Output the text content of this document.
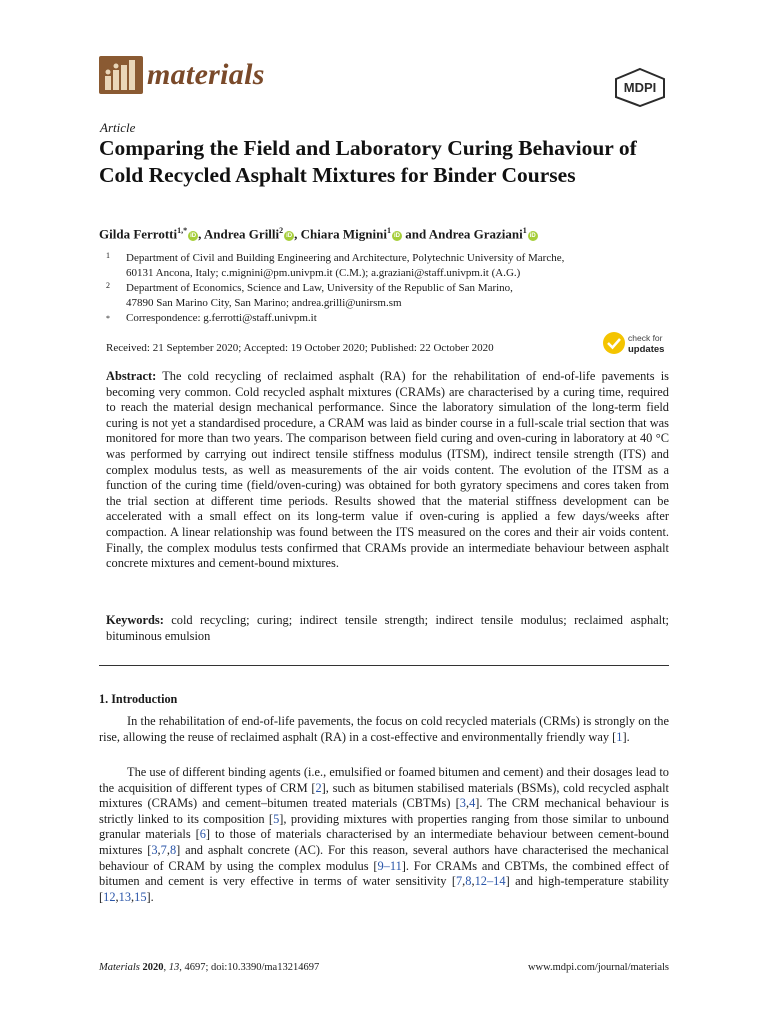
materials	MDPI
Article
Comparing the Field and Laboratory Curing Behaviour of Cold Recycled Asphalt Mixtures for Binder Courses
Gilda Ferrotti$^{1,*}$iD , Andrea Grilli$^2$iD , Chiara Mignini$^1$iD and Andrea Graziani$^1$iD
1 Department of Civil and Building Engineering and Architecture, Polytechnic University of Marche,
60131 Ancona, Italy; c.mignini@pm.univpm.it (C.M.); a.graziani@staff.univpm.it (A.G.)
2 Department of Economics, Science and Law, University of the Republic of San Marino,
47890 San Marino City, San Marino; andrea.grilli@unirsm.sm
* Correspondence: g.ferrotti@staff.univpm.it
Received: 21 September 2020; Accepted: 19 October 2020; Published: 22 October 2020
check for
updates
Abstract: The cold recycling of reclaimed asphalt (RA) for the rehabilitation of end-of-life pavements is becoming very common. Cold recycled asphalt mixtures (CRAMs) are characterised by a curing time, required to reach the material design mechanical performance. Since the laboratory simulation of the long-term field curing is not yet a standardised procedure, a CRAM was laid as binder course in a full-scale trial section that was monitored for more than two years. The comparison between field curing and oven-curing in laboratory at 40 °C was performed by carrying out indirect tensile stiffness modulus (ITSM), indirect tensile strength (ITS) and complex modulus tests, as well as measurements of the air voids content. The evolution of the ITSM as a function of the curing time (field/oven-curing) was obtained for both gyratory specimens and cores taken from the trial section at different time periods. Results showed that the material stiffness development can be accelerated with a small effect on its long-term value if oven-curing is applied a few days/weeks after compaction. A linear relationship was found between the ITS measured on the cores and their air voids content. Finally, the complex modulus tests confirmed that CRAMs provide an intermediate behaviour between asphalt concrete mixtures and cement-bound mixtures.
Keywords: cold recycling; curing; indirect tensile strength; indirect tensile modulus; reclaimed asphalt; bituminous emulsion
1. Introduction
In the rehabilitation of end-of-life pavements, the focus on cold recycled materials (CRMs) is strongly on the rise, allowing the reuse of reclaimed asphalt (RA) in a cost-effective and environmentally friendly way [1].
The use of different binding agents (i.e., emulsified or foamed bitumen and cement) and their dosages lead to the acquisition of different types of CRM [2], such as bitumen stabilised materials (BSMs), cold recycled asphalt mixtures (CRAMs) and cement–bitumen treated materials (CBTMs) [3,4]. The CRM mechanical behaviour is strictly linked to its composition [5], providing mixtures with properties ranging from those similar to unbound granular materials [6] to those of materials characterised by an intermediate behaviour between cement-bound mixtures [3,7,8] and asphalt concrete (AC). For this reason, several authors have characterised the mechanical behaviour of CRAM by using the complex modulus [9–11]. For CRAMs and CBTMs, the combined effect of bitumen and cement is very effective in terms of water sensitivity [7,8,12–14] and high-temperature stability [12,13,15].
Materials 2020, 13, 4697; doi:10.3390/ma13214697	www.mdpi.com/journal/materials
